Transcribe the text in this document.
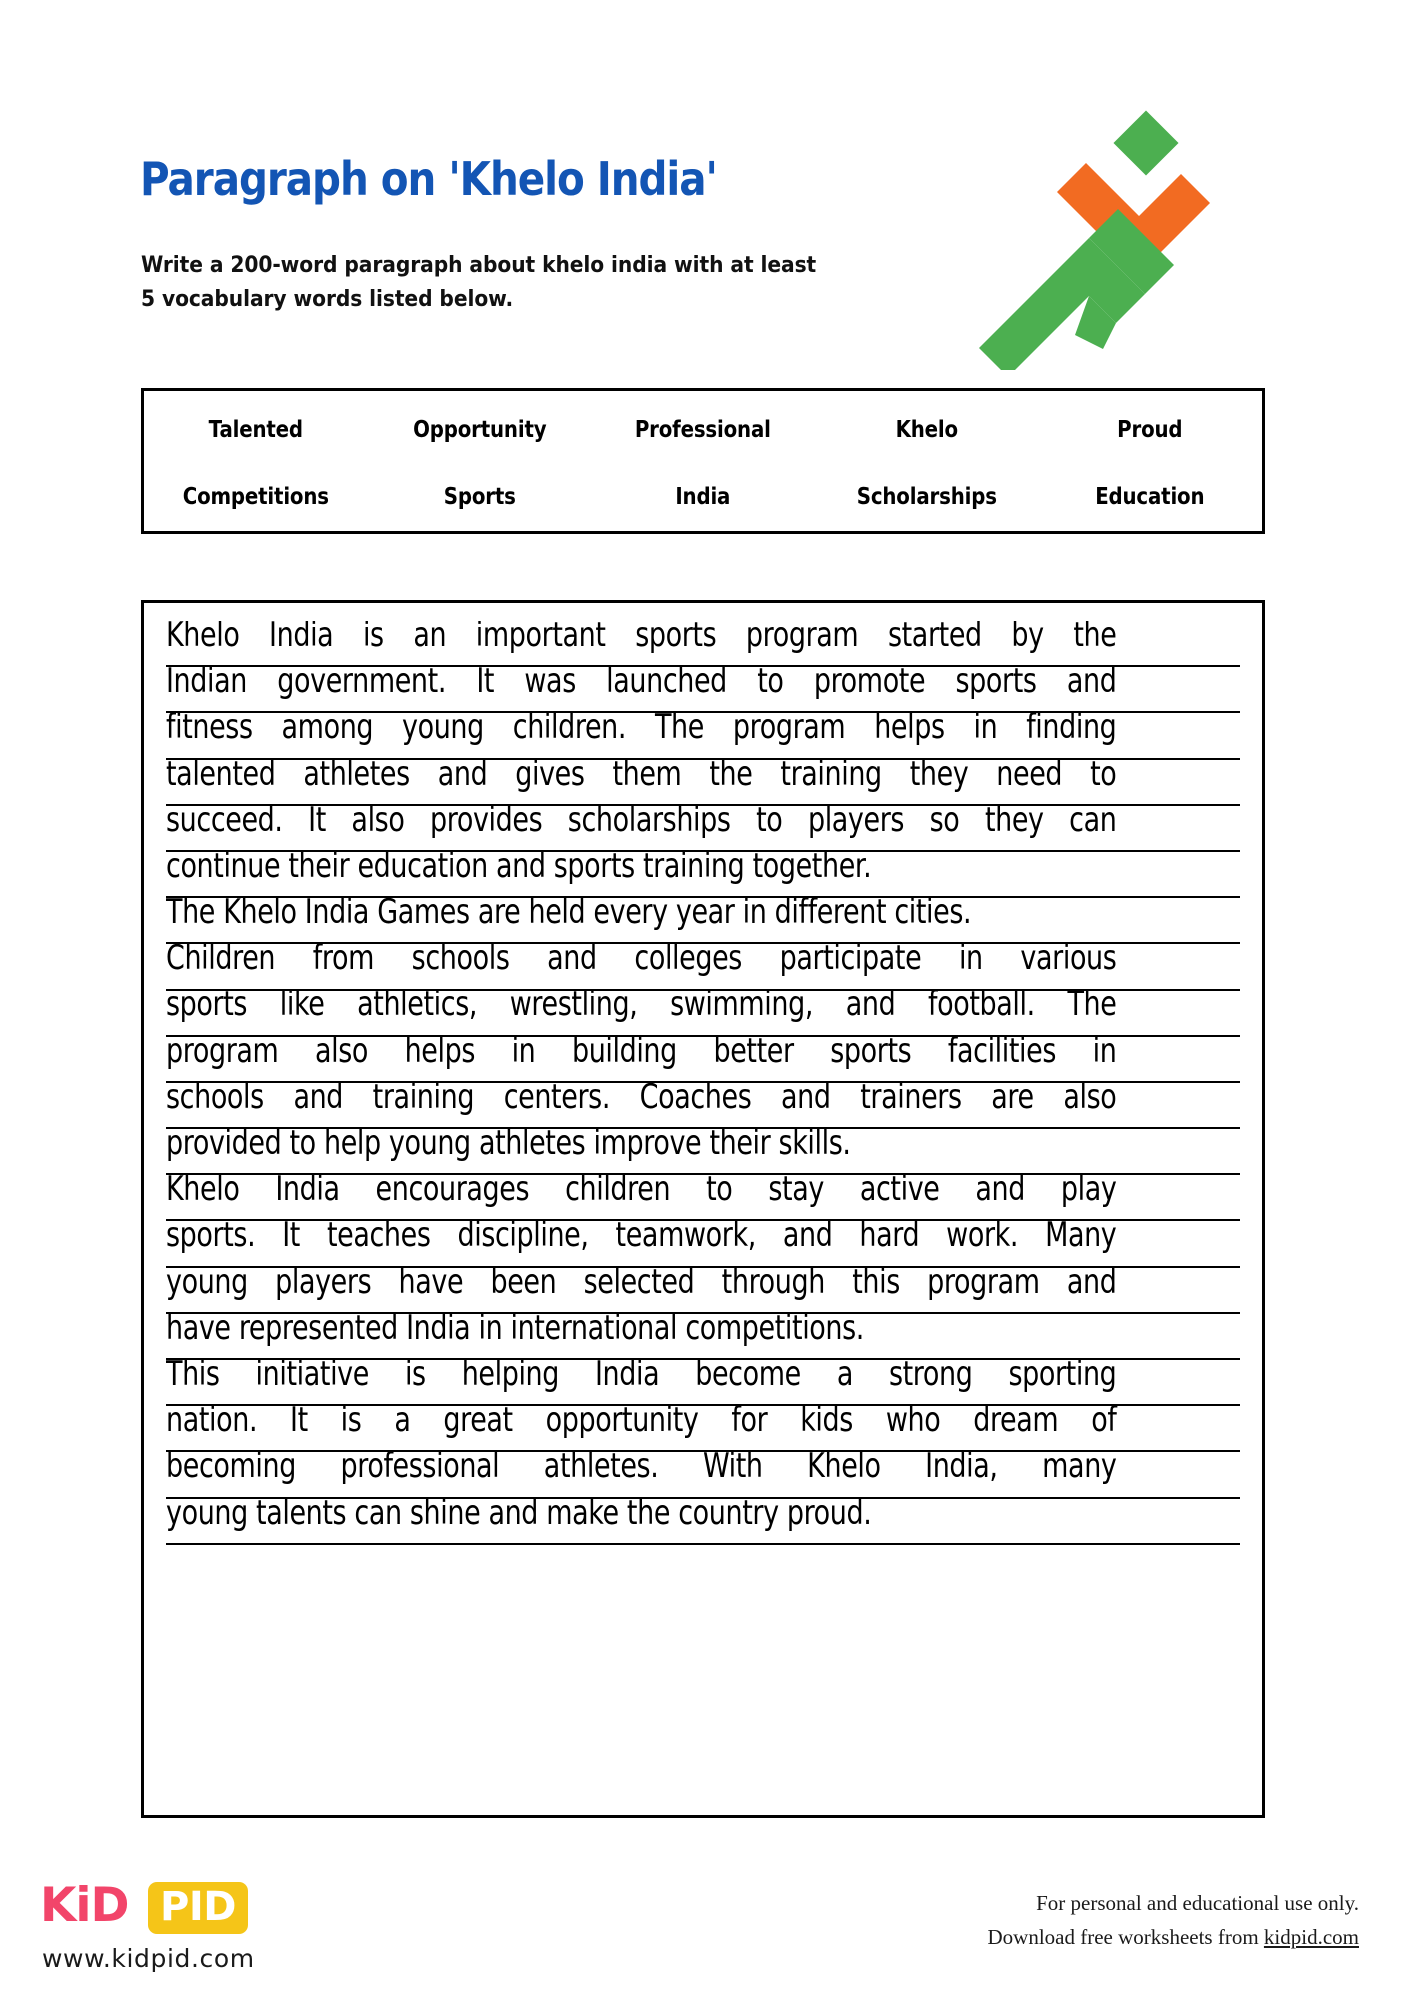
Paragraph on 'Khelo India'
Write a 200-word paragraph about khelo india with at least 5 vocabulary words listed below.
Talented	Opportunity	Professional	Khelo	Proud
Competitions	Sports	India	Scholarships	Education
Khelo India is an important sports program started by the
Indian government. It was launched to promote sports and
fitness among young children. The program helps in finding
talented athletes and gives them the training they need to
succeed. It also provides scholarships to players so they can
continue their education and sports training together.
The Khelo India Games are held every year in different cities.
Children from schools and colleges participate in various
sports like athletics, wrestling, swimming, and football. The
program also helps in building better sports facilities in
schools and training centers. Coaches and trainers are also
provided to help young athletes improve their skills.
Khelo India encourages children to stay active and play
sports. It teaches discipline, teamwork, and hard work. Many
young players have been selected through this program and
have represented India in international competitions.
This initiative is helping India become a strong sporting
nation. It is a great opportunity for kids who dream of
becoming professional athletes. With Khelo India, many
young talents can shine and make the country proud.
KiD PID
www.kidpid.com
For personal and educational use only.
Download free worksheets from kidpid.com
